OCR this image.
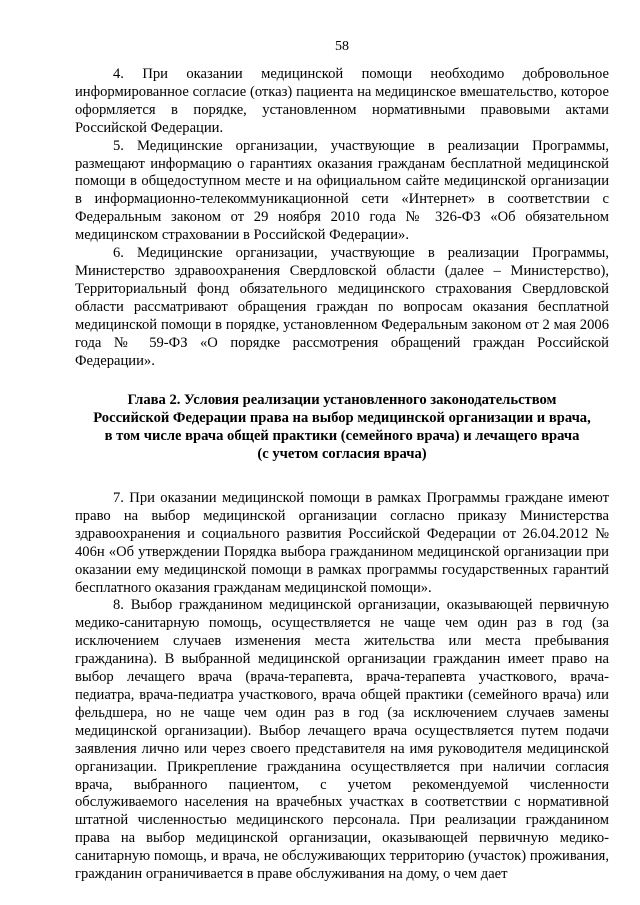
58

4. При оказании медицинской помощи необходимо добровольное информированное согласие (отказ) пациента на медицинское вмешательство, которое оформляется в порядке, установленном нормативными правовыми актами Российской Федерации.

5. Медицинские организации, участвующие в реализации Программы, размещают информацию о гарантиях оказания гражданам бесплатной медицинской помощи в общедоступном месте и на официальном сайте медицинской организации в информационно-телекоммуникационной сети «Интернет» в соответствии с Федеральным законом от 29 ноября 2010 года № 326-ФЗ «Об обязательном медицинском страховании в Российской Федерации».

6. Медицинские организации, участвующие в реализации Программы, Министерство здравоохранения Свердловской области (далее – Министерство), Территориальный фонд обязательного медицинского страхования Свердловской области рассматривают обращения граждан по вопросам оказания бесплатной медицинской помощи в порядке, установленном Федеральным законом от 2 мая 2006 года № 59-ФЗ «О порядке рассмотрения обращений граждан Российской Федерации».

Глава 2. Условия реализации установленного законодательством
Российской Федерации права на выбор медицинской организации и врача,
в том числе врача общей практики (семейного врача) и лечащего врача
(с учетом согласия врача)

7. При оказании медицинской помощи в рамках Программы граждане имеют право на выбор медицинской организации согласно приказу Министерства здравоохранения и социального развития Российской Федерации от 26.04.2012 № 406н «Об утверждении Порядка выбора гражданином медицинской организации при оказании ему медицинской помощи в рамках программы государственных гарантий бесплатного оказания гражданам медицинской помощи».

8. Выбор гражданином медицинской организации, оказывающей первичную медико-санитарную помощь, осуществляется не чаще чем один раз в год (за исключением случаев изменения места жительства или места пребывания гражданина). В выбранной медицинской организации гражданин имеет право на выбор лечащего врача (врача-терапевта, врача-терапевта участкового, врача-педиатра, врача-педиатра участкового, врача общей практики (семейного врача) или фельдшера, но не чаще чем один раз в год (за исключением случаев замены медицинской организации). Выбор лечащего врача осуществляется путем подачи заявления лично или через своего представителя на имя руководителя медицинской организации. Прикрепление гражданина осуществляется при наличии согласия врача, выбранного пациентом, с учетом рекомендуемой численности обслуживаемого населения на врачебных участках в соответствии с нормативной штатной численностью медицинского персонала. При реализации гражданином права на выбор медицинской организации, оказывающей первичную медико-санитарную помощь, и врача, не обслуживающих территорию (участок) проживания, гражданин ограничивается в праве обслуживания на дому, о чем дает
